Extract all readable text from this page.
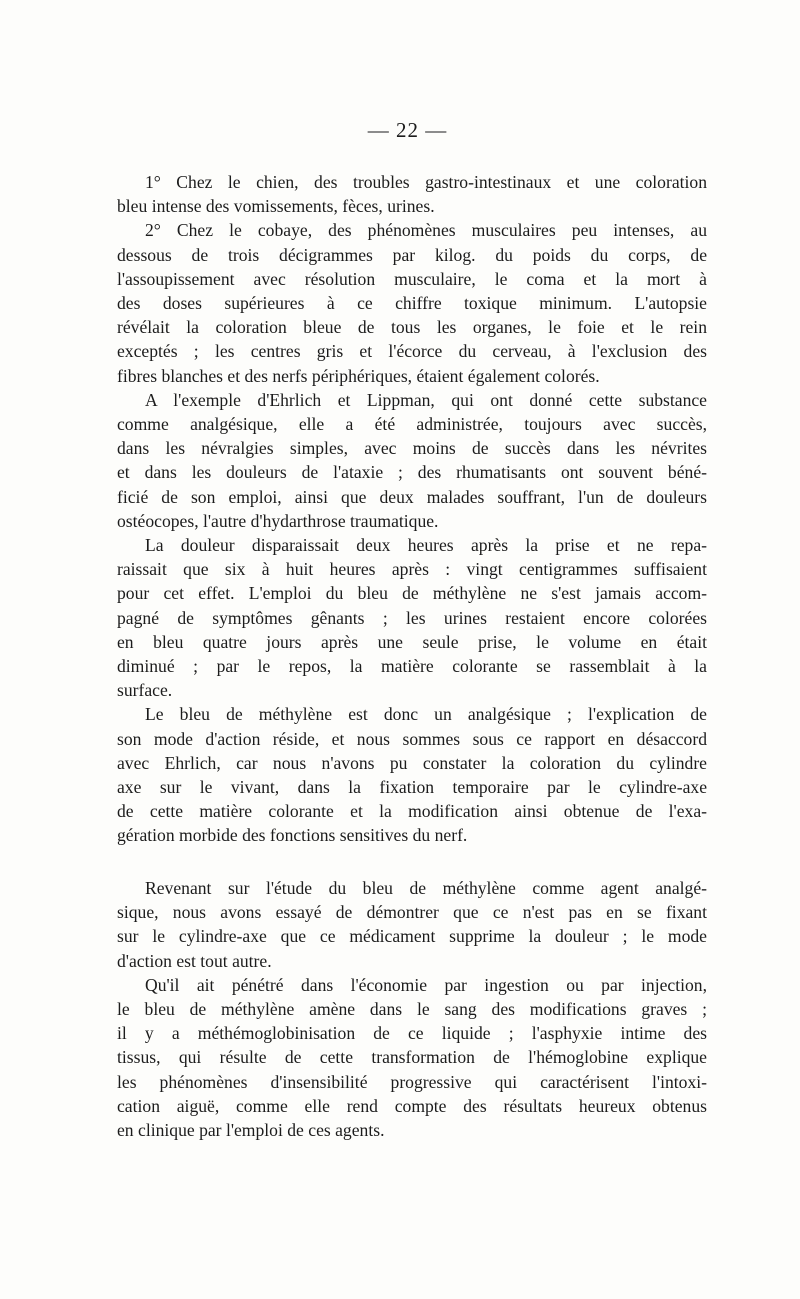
— 22 —

1° Chez le chien, des troubles gastro-intestinaux et une coloration
bleu intense des vomissements, fèces, urines.

2° Chez le cobaye, des phénomènes musculaires peu intenses, au
dessous de trois décigrammes par kilog. du poids du corps, de
l'assoupissement avec résolution musculaire, le coma et la mort à
des doses supérieures à ce chiffre toxique minimum. L'autopsie
révélait la coloration bleue de tous les organes, le foie et le rein
exceptés ; les centres gris et l'écorce du cerveau, à l'exclusion des
fibres blanches et des nerfs périphériques, étaient également colorés.

A l'exemple d'Ehrlich et Lippman, qui ont donné cette substance
comme analgésique, elle a été administrée, toujours avec succès,
dans les névralgies simples, avec moins de succès dans les névrites
et dans les douleurs de l'ataxie ; des rhumatisants ont souvent béné-
ficié de son emploi, ainsi que deux malades souffrant, l'un de douleurs
ostéocopes, l'autre d'hydarthrose traumatique.

La douleur disparaissait deux heures après la prise et ne repa-
raissait que six à huit heures après : vingt centigrammes suffisaient
pour cet effet. L'emploi du bleu de méthylène ne s'est jamais accom-
pagné de symptômes gênants ; les urines restaient encore colorées
en bleu quatre jours après une seule prise, le volume en était
diminué ; par le repos, la matière colorante se rassemblait à la
surface.

Le bleu de méthylène est donc un analgésique ; l'explication de
son mode d'action réside, et nous sommes sous ce rapport en désaccord
avec Ehrlich, car nous n'avons pu constater la coloration du cylindre
axe sur le vivant, dans la fixation temporaire par le cylindre-axe
de cette matière colorante et la modification ainsi obtenue de l'exa-
gération morbide des fonctions sensitives du nerf.

Revenant sur l'étude du bleu de méthylène comme agent analgé-
sique, nous avons essayé de démontrer que ce n'est pas en se fixant
sur le cylindre-axe que ce médicament supprime la douleur ; le mode
d'action est tout autre.

Qu'il ait pénétré dans l'économie par ingestion ou par injection,
le bleu de méthylène amène dans le sang des modifications graves ;
il y a méthémoglobinisation de ce liquide ; l'asphyxie intime des
tissus, qui résulte de cette transformation de l'hémoglobine explique
les phénomènes d'insensibilité progressive qui caractérisent l'intoxi-
cation aiguë, comme elle rend compte des résultats heureux obtenus
en clinique par l'emploi de ces agents.
